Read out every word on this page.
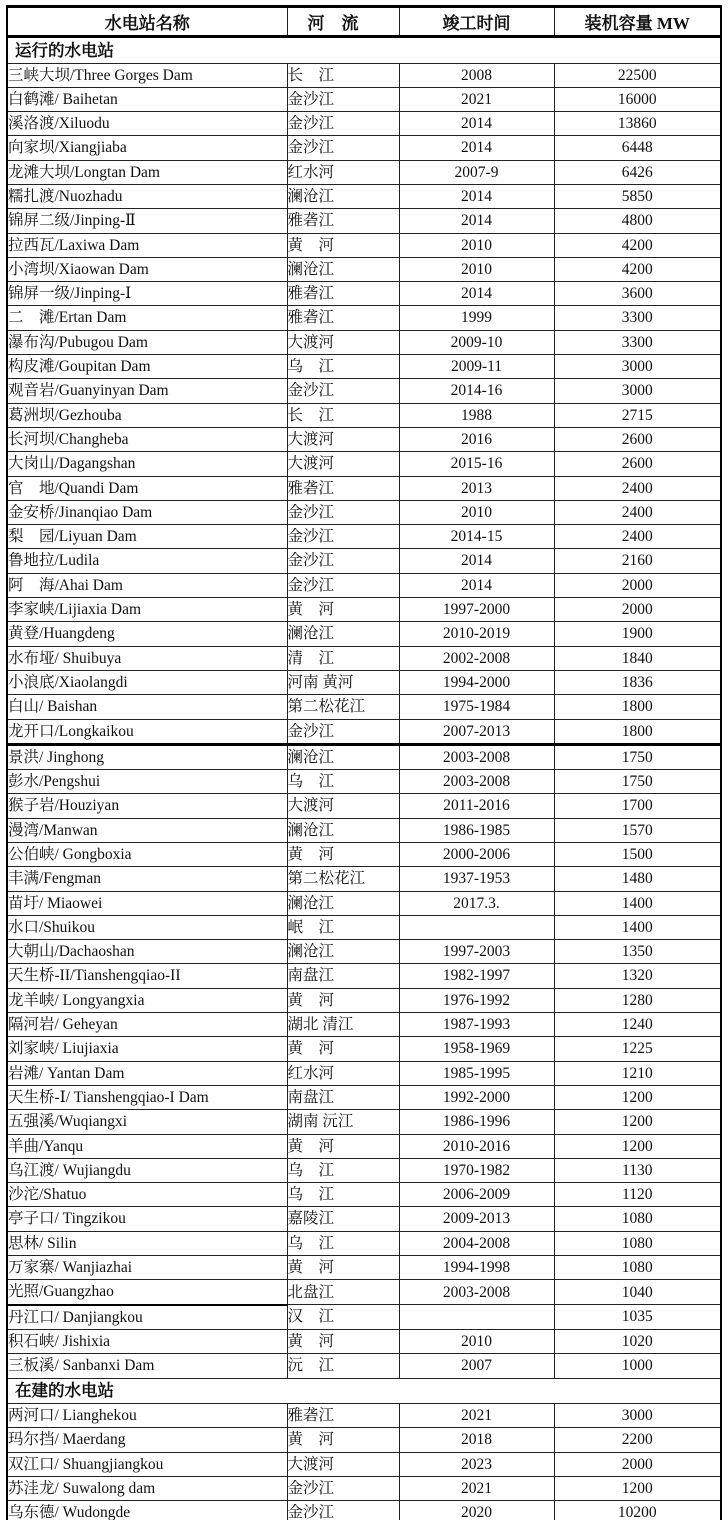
水电站名称	河　流	竣工时间	装机容量 MW
运行的水电站			
三峡大坝/Three Gorges Dam	长　江	2008	22500
白鹤滩/ Baihetan	金沙江	2021	16000
溪洛渡/Xiluodu	金沙江	2014	13860
向家坝/Xiangjiaba	金沙江	2014	6448
龙滩大坝/Longtan Dam	红水河	2007-9	6426
糯扎渡/Nuozhadu	澜沧江	2014	5850
锦屏二级/Jinping-Ⅱ	雅砻江	2014	4800
拉西瓦/Laxiwa Dam	黄　河	2010	4200
小湾坝/Xiaowan Dam	澜沧江	2010	4200
锦屏一级/Jinping-Ⅰ	雅砻江	2014	3600
二　滩/Ertan Dam	雅砻江	1999	3300
瀑布沟/Pubugou Dam	大渡河	2009-10	3300
构皮滩/Goupitan Dam	乌　江	2009-11	3000
观音岩/Guanyinyan Dam	金沙江	2014-16	3000
葛洲坝/Gezhouba	长　江	1988	2715
长河坝/Changheba	大渡河	2016	2600
大岗山/Dagangshan	大渡河	2015-16	2600
官　地/Quandi Dam	雅砻江	2013	2400
金安桥/Jinanqiao Dam	金沙江	2010	2400
梨　园/Liyuan Dam	金沙江	2014-15	2400
鲁地拉/Ludila	金沙江	2014	2160
阿　海/Ahai Dam	金沙江	2014	2000
李家峡/Lijiaxia Dam	黄　河	1997-2000	2000
黄登/Huangdeng	澜沧江	2010-2019	1900
水布垭/ Shuibuya	清　江	2002-2008	1840
小浪底/Xiaolangdi	河南 黄河	1994-2000	1836
白山/ Baishan	第二松花江	1975-1984	1800
龙开口/Longkaikou	金沙江	2007-2013	1800
景洪/ Jinghong	澜沧江	2003-2008	1750
彭水/Pengshui	乌　江	2003-2008	1750
猴子岩/Houziyan	大渡河	2011-2016	1700
漫湾/Manwan	澜沧江	1986-1985	1570
公伯峡/ Gongboxia	黄　河	2000-2006	1500
丰满/Fengman	第二松花江	1937-1953	1480
苗圩/ Miaowei	澜沧江	2017.3.	1400
水口/Shuikou	岷　江		1400
大朝山/Dachaoshan	澜沧江	1997-2003	1350
天生桥-II/Tianshengqiao-II	南盘江	1982-1997	1320
龙羊峡/ Longyangxia	黄　河	1976-1992	1280
隔河岩/ Geheyan	湖北 清江	1987-1993	1240
刘家峡/ Liujiaxia	黄　河	1958-1969	1225
岩滩/ Yantan Dam	红水河	1985-1995	1210
天生桥-Ⅰ/ Tianshengqiao-I Dam	南盘江	1992-2000	1200
五强溪/Wuqiangxi	湖南 沅江	1986-1996	1200
羊曲/Yanqu	黄　河	2010-2016	1200
乌江渡/ Wujiangdu	乌　江	1970-1982	1130
沙沱/Shatuo	乌　江	2006-2009	1120
亭子口/ Tingzikou	嘉陵江	2009-2013	1080
思林/ Silin	乌　江	2004-2008	1080
万家寨/ Wanjiazhai	黄　河	1994-1998	1080
光照/Guangzhao	北盘江	2003-2008	1040
丹江口/ Danjiangkou	汉　江		1035
积石峡/ Jishixia	黄　河	2010	1020
三板溪/ Sanbanxi Dam	沅　江	2007	1000
在建的水电站			
两河口/ Lianghekou	雅砻江	2021	3000
玛尔挡/ Maerdang	黄　河	2018	2200
双江口/ Shuangjiangkou	大渡河	2023	2000
苏洼龙/ Suwalong dam	金沙江	2021	1200
乌东德/ Wudongde	金沙江	2020	10200
